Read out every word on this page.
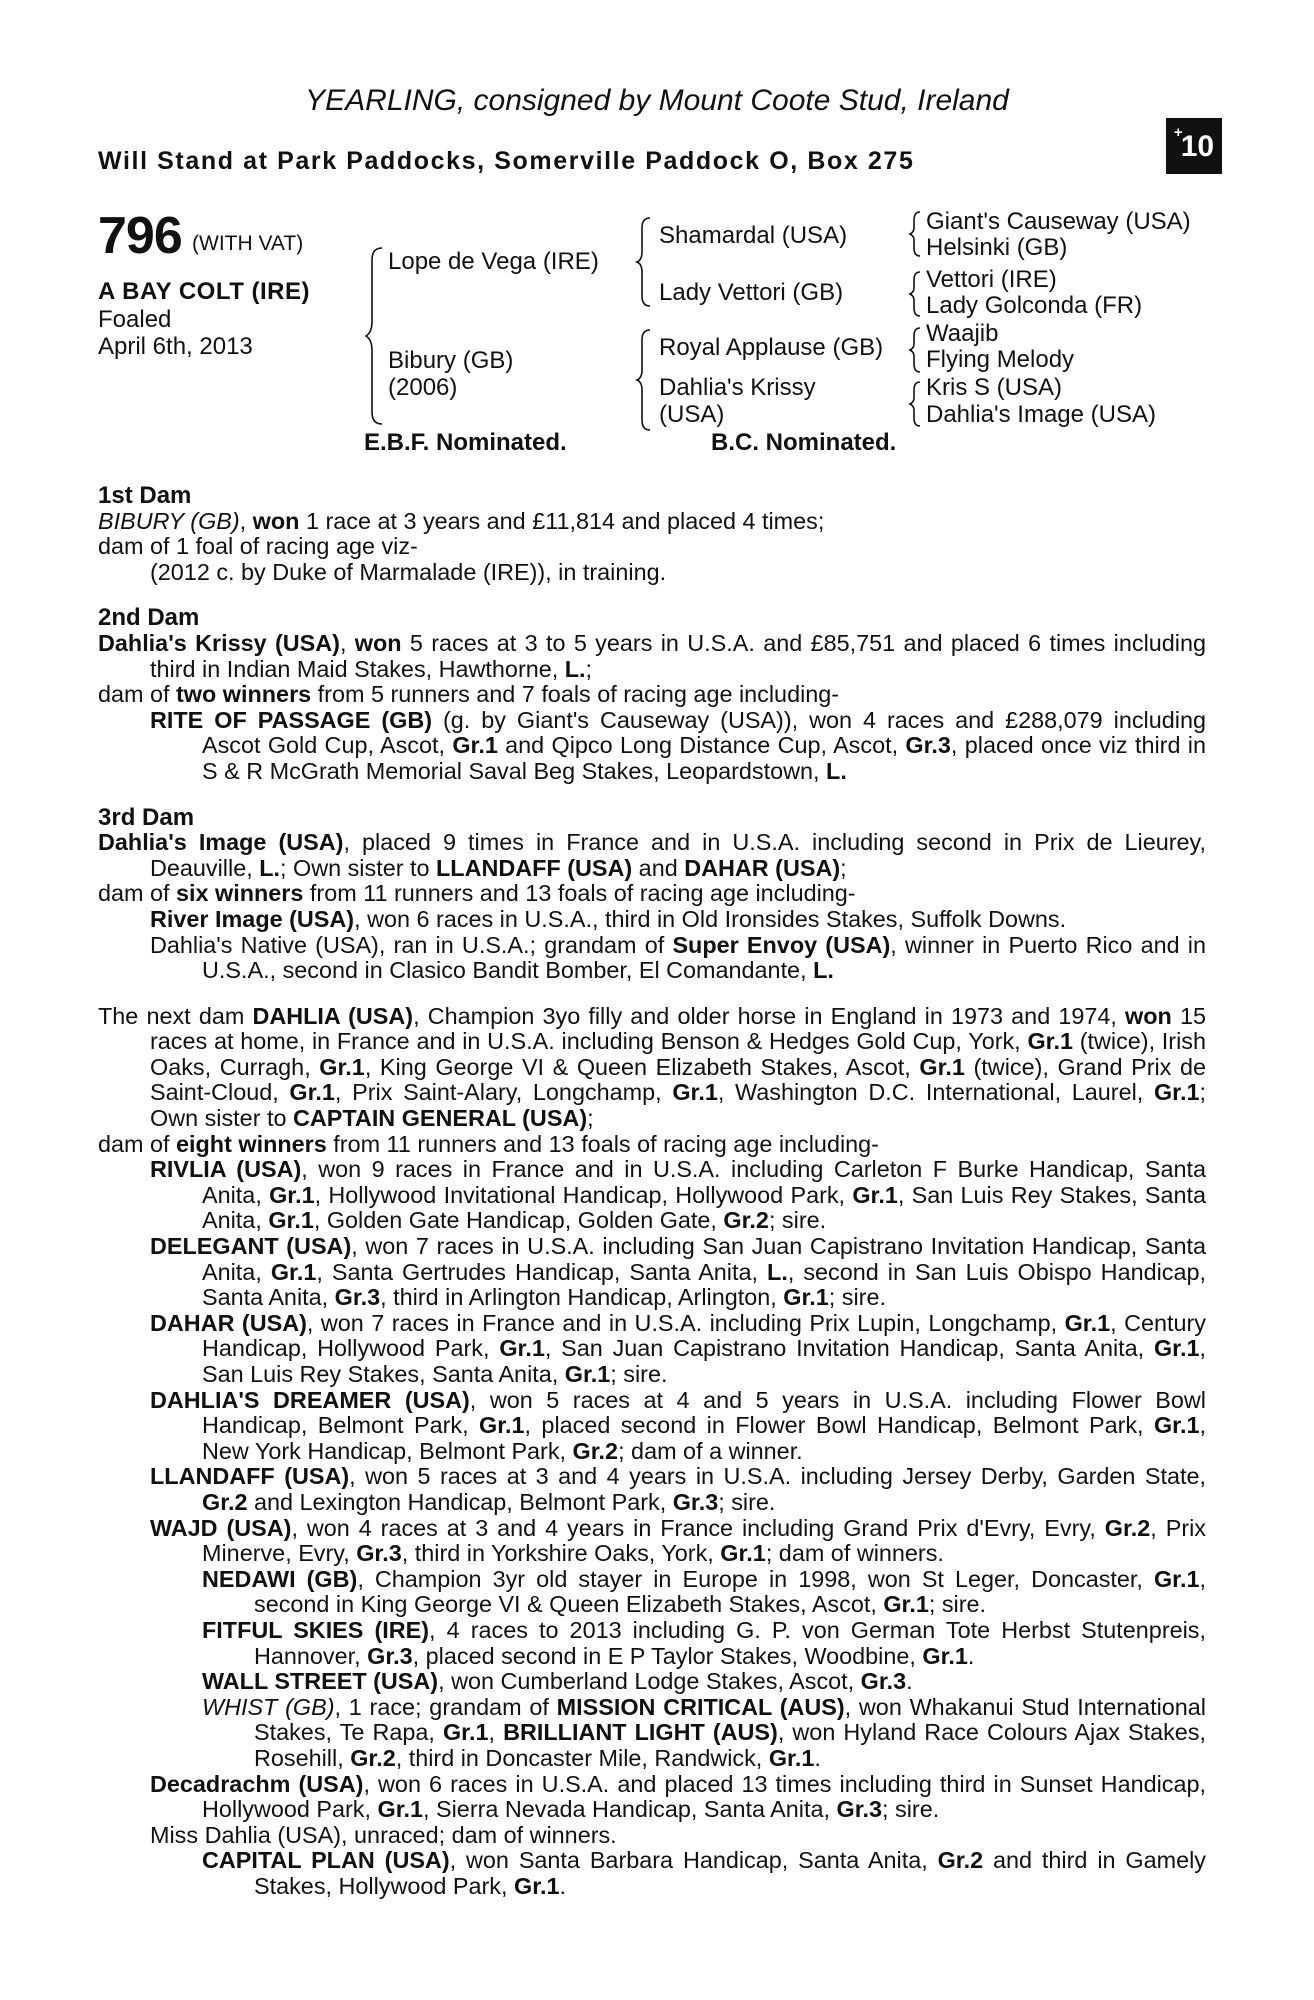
YEARLING, consigned by Mount Coote Stud, Ireland
Will Stand at Park Paddocks, Somerville Paddock O, Box 275
+10
796 (WITH VAT)
A BAY COLT (IRE)
Foaled
April 6th, 2013
Lope de Vega (IRE)
Bibury (GB)
(2006)
Shamardal (USA)
Lady Vettori (GB)
Royal Applause (GB)
Dahlia's Krissy
(USA)
Giant's Causeway (USA)
Helsinki (GB)
Vettori (IRE)
Lady Golconda (FR)
Waajib
Flying Melody
Kris S (USA)
Dahlia's Image (USA)
E.B.F. Nominated.	B.C. Nominated.

1st Dam

BIBURY (GB), won 1 race at 3 years and £11,814 and placed 4 times;

dam of 1 foal of racing age viz-

(2012 c. by Duke of Marmalade (IRE)), in training.

2nd Dam

Dahlia's Krissy (USA), won 5 races at 3 to 5 years in U.S.A. and £85,751 and placed 6 times including third in Indian Maid Stakes, Hawthorne, L.;

dam of two winners from 5 runners and 7 foals of racing age including-

RITE OF PASSAGE (GB) (g. by Giant's Causeway (USA)), won 4 races and £288,079 including Ascot Gold Cup, Ascot, Gr.1 and Qipco Long Distance Cup, Ascot, Gr.3, placed once viz third in S & R McGrath Memorial Saval Beg Stakes, Leopardstown, L.

3rd Dam

Dahlia's Image (USA), placed 9 times in France and in U.S.A. including second in Prix de Lieurey, Deauville, L.; Own sister to LLANDAFF (USA) and DAHAR (USA);

dam of six winners from 11 runners and 13 foals of racing age including-

River Image (USA), won 6 races in U.S.A., third in Old Ironsides Stakes, Suffolk Downs.

Dahlia's Native (USA), ran in U.S.A.; grandam of Super Envoy (USA), winner in Puerto Rico and in U.S.A., second in Clasico Bandit Bomber, El Comandante, L.

The next dam DAHLIA (USA), Champion 3yo filly and older horse in England in 1973 and 1974, won 15 races at home, in France and in U.S.A. including Benson & Hedges Gold Cup, York, Gr.1 (twice), Irish Oaks, Curragh, Gr.1, King George VI & Queen Elizabeth Stakes, Ascot, Gr.1 (twice), Grand Prix de Saint-Cloud, Gr.1, Prix Saint-Alary, Longchamp, Gr.1, Washington D.C. International, Laurel, Gr.1; Own sister to CAPTAIN GENERAL (USA);

dam of eight winners from 11 runners and 13 foals of racing age including-

RIVLIA (USA), won 9 races in France and in U.S.A. including Carleton F Burke Handicap, Santa Anita, Gr.1, Hollywood Invitational Handicap, Hollywood Park, Gr.1, San Luis Rey Stakes, Santa Anita, Gr.1, Golden Gate Handicap, Golden Gate, Gr.2; sire.

DELEGANT (USA), won 7 races in U.S.A. including San Juan Capistrano Invitation Handicap, Santa Anita, Gr.1, Santa Gertrudes Handicap, Santa Anita, L., second in San Luis Obispo Handicap, Santa Anita, Gr.3, third in Arlington Handicap, Arlington, Gr.1; sire.

DAHAR (USA), won 7 races in France and in U.S.A. including Prix Lupin, Longchamp, Gr.1, Century Handicap, Hollywood Park, Gr.1, San Juan Capistrano Invitation Handicap, Santa Anita, Gr.1, San Luis Rey Stakes, Santa Anita, Gr.1; sire.

DAHLIA'S DREAMER (USA), won 5 races at 4 and 5 years in U.S.A. including Flower Bowl Handicap, Belmont Park, Gr.1, placed second in Flower Bowl Handicap, Belmont Park, Gr.1, New York Handicap, Belmont Park, Gr.2; dam of a winner.

LLANDAFF (USA), won 5 races at 3 and 4 years in U.S.A. including Jersey Derby, Garden State, Gr.2 and Lexington Handicap, Belmont Park, Gr.3; sire.

WAJD (USA), won 4 races at 3 and 4 years in France including Grand Prix d'Evry, Evry, Gr.2, Prix Minerve, Evry, Gr.3, third in Yorkshire Oaks, York, Gr.1; dam of winners.

NEDAWI (GB), Champion 3yr old stayer in Europe in 1998, won St Leger, Doncaster, Gr.1, second in King George VI & Queen Elizabeth Stakes, Ascot, Gr.1; sire.

FITFUL SKIES (IRE), 4 races to 2013 including G. P. von German Tote Herbst Stutenpreis, Hannover, Gr.3, placed second in E P Taylor Stakes, Woodbine, Gr.1.

WALL STREET (USA), won Cumberland Lodge Stakes, Ascot, Gr.3.

WHIST (GB), 1 race; grandam of MISSION CRITICAL (AUS), won Whakanui Stud International Stakes, Te Rapa, Gr.1, BRILLIANT LIGHT (AUS), won Hyland Race Colours Ajax Stakes, Rosehill, Gr.2, third in Doncaster Mile, Randwick, Gr.1.

Decadrachm (USA), won 6 races in U.S.A. and placed 13 times including third in Sunset Handicap, Hollywood Park, Gr.1, Sierra Nevada Handicap, Santa Anita, Gr.3; sire.

Miss Dahlia (USA), unraced; dam of winners.

CAPITAL PLAN (USA), won Santa Barbara Handicap, Santa Anita, Gr.2 and third in Gamely Stakes, Hollywood Park, Gr.1.
